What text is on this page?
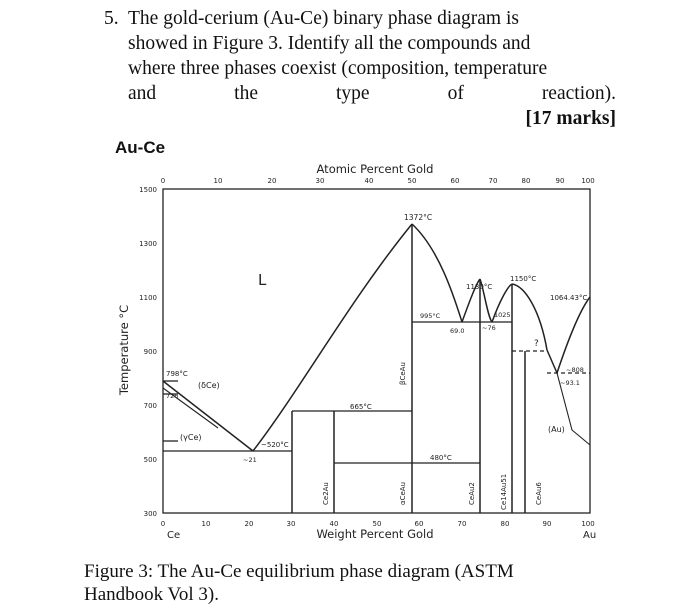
5. The gold-cerium (Au-Ce) binary phase diagram is
showed in Figure 3. Identify all the compounds and
where three phases coexist (composition, temperature
and	the	type	of	reaction).
[17 marks]
Au-Ce
Atomic Percent Gold
Weight Percent Gold
Temperature °C
Ce	Au
0	10	20	30	40	50	60	70	80	90 100
0	10	20	30	40	50	60	70	80	90	100
1500
1300
1100
900
700
500
300
L
1372°C
1130°C
1150°C
1064.43°C
995°C
69.0
1025
~76
~808
~93.1
?
798°C
726
(δCe)
(γCe)
~520°C
~21
665°C
480°C
(Au)
βCeAu
αCeAu
Ce2Au	CeAu2	Ce14Au51	CeAu6
Figure 3: The Au-Ce equilibrium phase diagram (ASTM
Handbook Vol 3).
